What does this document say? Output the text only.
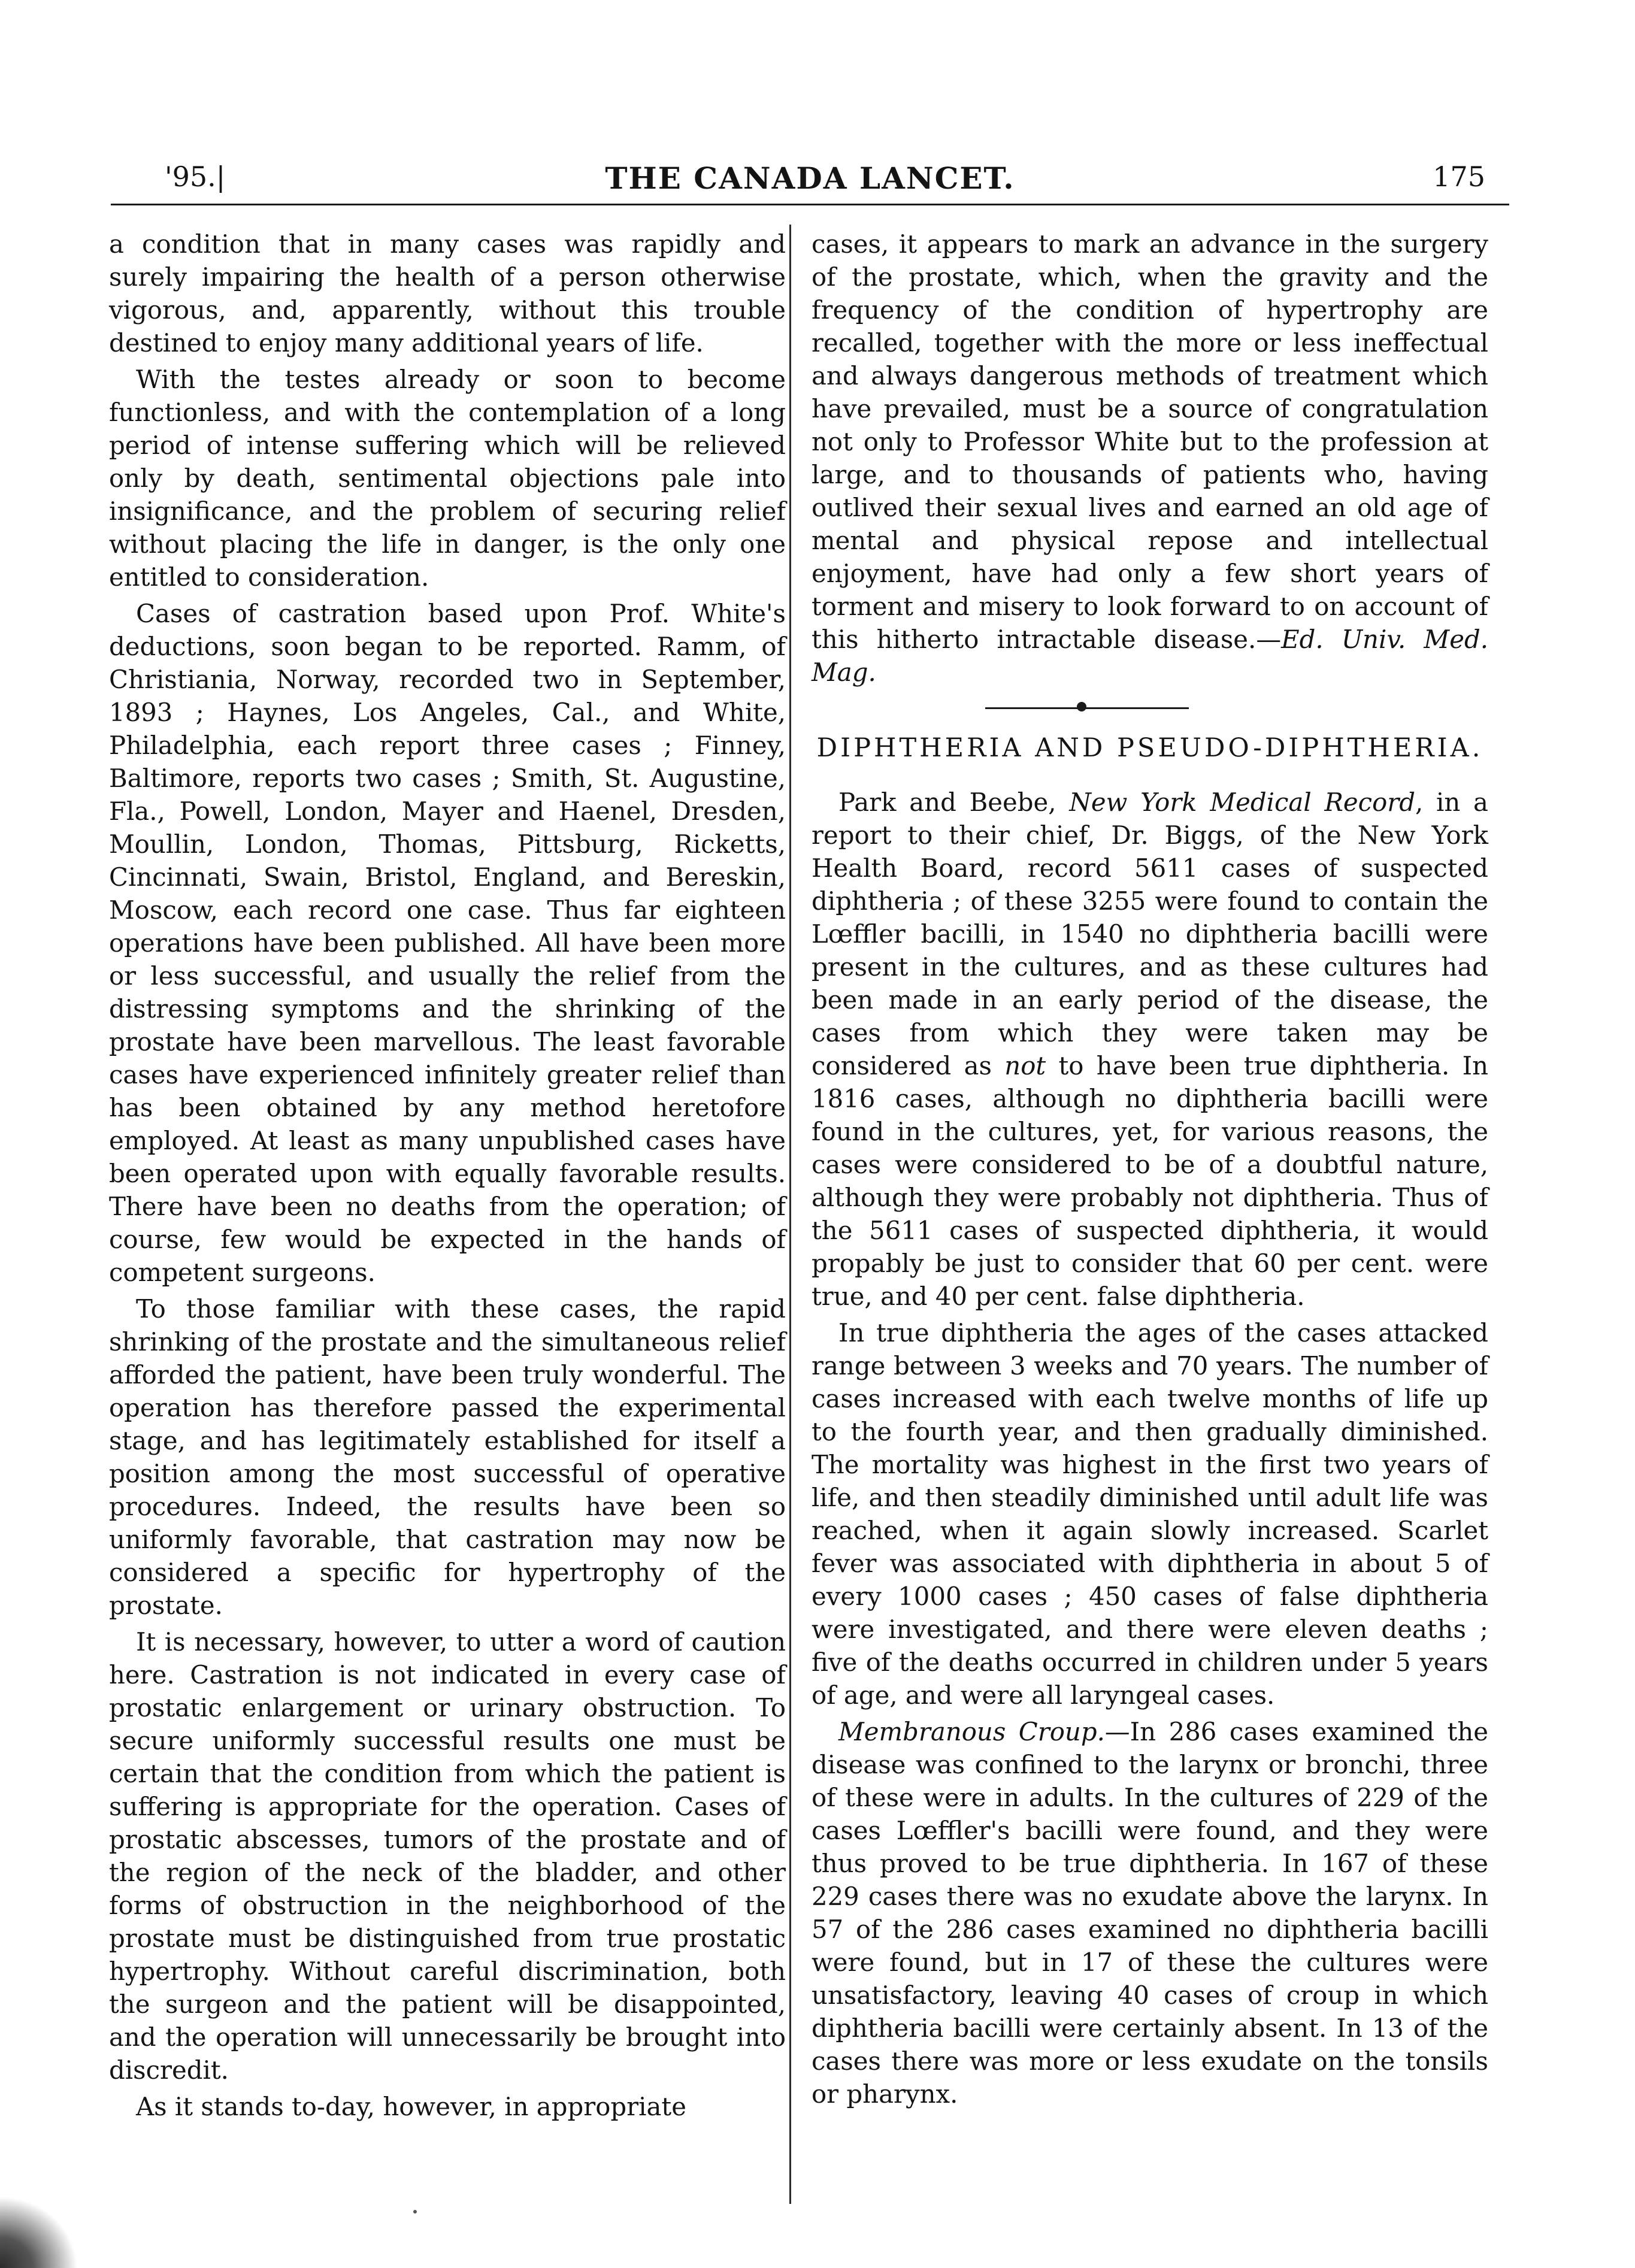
'95.|	THE CANADA LANCET.	175

a condition that in many cases was rapidly and surely impairing the health of a person otherwise vigorous, and, apparently, without this trouble destined to enjoy many additional years of life.

With the testes already or soon to become functionless, and with the contemplation of a long period of intense suffering which will be relieved only by death, sentimental objections pale into insignificance, and the problem of securing relief without placing the life in danger, is the only one entitled to consideration.

Cases of castration based upon Prof. White's deductions, soon began to be reported. Ramm, of Christiania, Norway, recorded two in September, 1893 ; Haynes, Los Angeles, Cal., and White, Philadelphia, each report three cases ; Finney, Baltimore, reports two cases ; Smith, St. Augustine, Fla., Powell, London, Mayer and Haenel, Dresden, Moullin, London, Thomas, Pittsburg, Ricketts, Cincinnati, Swain, Bristol, England, and Bereskin, Moscow, each record one case. Thus far eighteen operations have been published. All have been more or less successful, and usually the relief from the distressing symptoms and the shrinking of the prostate have been marvellous. The least favorable cases have experienced infinitely greater relief than has been obtained by any method heretofore employed. At least as many unpublished cases have been operated upon with equally favorable results. There have been no deaths from the operation; of course, few would be expected in the hands of competent surgeons.

To those familiar with these cases, the rapid shrinking of the prostate and the simultaneous relief afforded the patient, have been truly wonderful. The operation has therefore passed the experimental stage, and has legitimately established for itself a position among the most successful of operative procedures. Indeed, the results have been so uniformly favorable, that castration may now be considered a specific for hypertrophy of the prostate.

It is necessary, however, to utter a word of caution here. Castration is not indicated in every case of prostatic enlargement or urinary obstruction. To secure uniformly successful results one must be certain that the condition from which the patient is suffering is appropriate for the operation. Cases of prostatic abscesses, tumors of the prostate and of the region of the neck of the bladder, and other forms of obstruction in the neighborhood of the prostate must be distinguished from true prostatic hypertrophy. Without careful discrimination, both the surgeon and the patient will be disappointed, and the operation will unnecessarily be brought into discredit.

As it stands to-day, however, in appropriate

cases, it appears to mark an advance in the surgery of the prostate, which, when the gravity and the frequency of the condition of hypertrophy are recalled, together with the more or less ineffectual and always dangerous methods of treatment which have prevailed, must be a source of congratulation not only to Professor White but to the profession at large, and to thousands of patients who, having outlived their sexual lives and earned an old age of mental and physical repose and intellectual enjoyment, have had only a few short years of torment and misery to look forward to on account of this hitherto intractable disease.—Ed. Univ. Med. Mag.

DIPHTHERIA AND PSEUDO-DIPHTHERIA.

Park and Beebe, New York Medical Record, in a report to their chief, Dr. Biggs, of the New York Health Board, record 5611 cases of suspected diphtheria ; of these 3255 were found to contain the Lœffler bacilli, in 1540 no diphtheria bacilli were present in the cultures, and as these cultures had been made in an early period of the disease, the cases from which they were taken may be considered as not to have been true diphtheria. In 1816 cases, although no diphtheria bacilli were found in the cultures, yet, for various reasons, the cases were considered to be of a doubtful nature, although they were probably not diphtheria. Thus of the 5611 cases of suspected diphtheria, it would propably be just to consider that 60 per cent. were true, and 40 per cent. false diphtheria.

In true diphtheria the ages of the cases attacked range between 3 weeks and 70 years. The number of cases increased with each twelve months of life up to the fourth year, and then gradually diminished. The mortality was highest in the first two years of life, and then steadily diminished until adult life was reached, when it again slowly increased. Scarlet fever was associated with diphtheria in about 5 of every 1000 cases ; 450 cases of false diphtheria were investigated, and there were eleven deaths ; five of the deaths occurred in children under 5 years of age, and were all laryngeal cases.

Membranous Croup.—In 286 cases examined the disease was confined to the larynx or bronchi, three of these were in adults. In the cultures of 229 of the cases Lœffler's bacilli were found, and they were thus proved to be true diphtheria. In 167 of these 229 cases there was no exudate above the larynx. In 57 of the 286 cases examined no diphtheria bacilli were found, but in 17 of these the cultures were unsatisfactory, leaving 40 cases of croup in which diphtheria bacilli were certainly absent. In 13 of the cases there was more or less exudate on the tonsils or pharynx.
